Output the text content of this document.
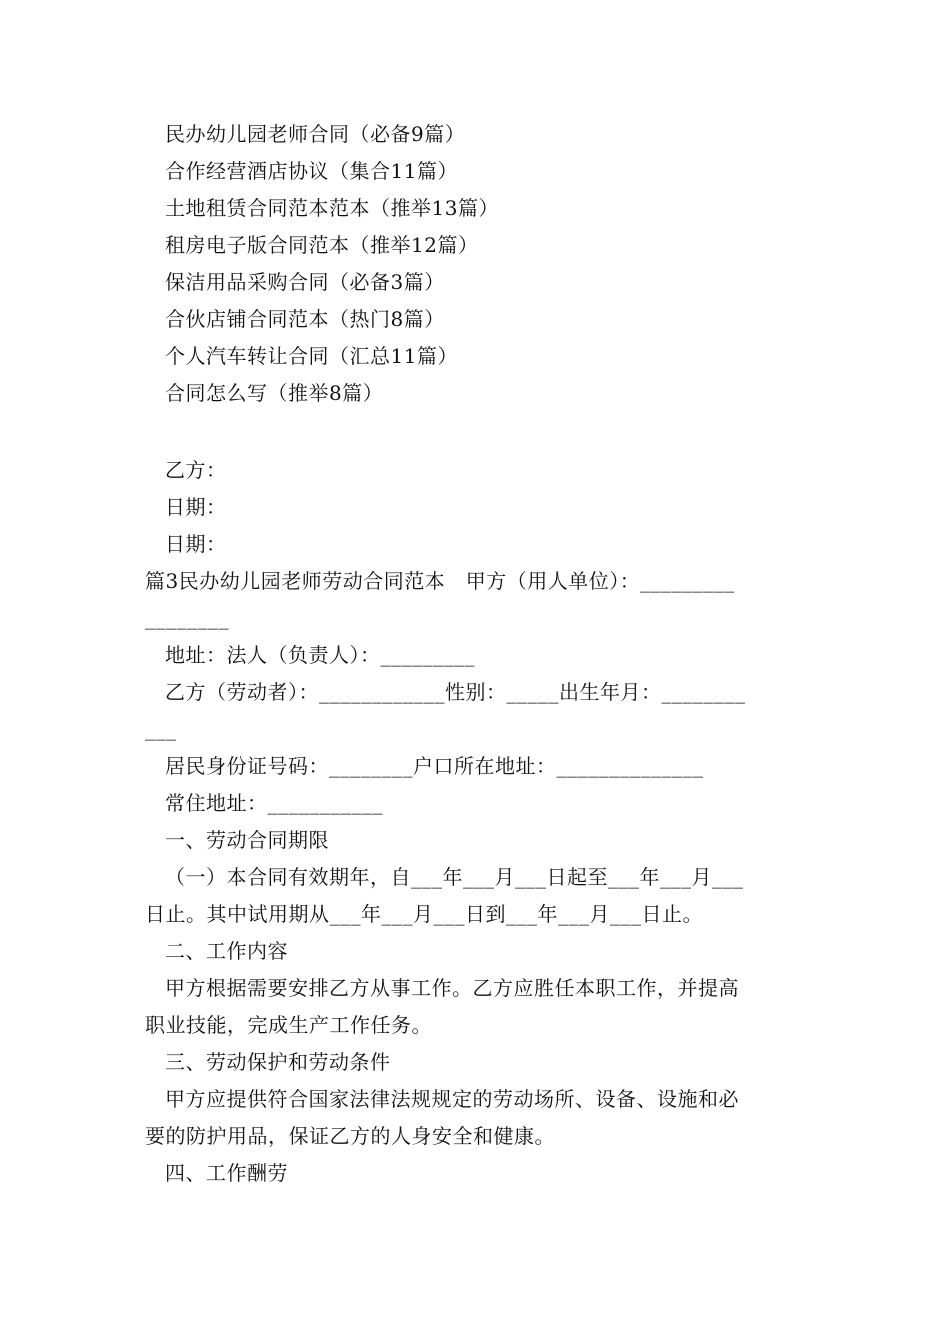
民办幼儿园老师合同（必备9篇）
合作经营酒店协议（集合11篇）
土地租赁合同范本范本（推举13篇）
租房电子版合同范本（推举12篇）
保洁用品采购合同（必备3篇）
合伙店铺合同范本（热门8篇）
个人汽车转让合同（汇总11篇）
合同怎么写（推举8篇）
乙方：
日期：
日期：
篇3民办幼儿园老师劳动合同范本　甲方（用人单位）：_________
________
地址：法人（负责人）：_________
乙方（劳动者）：____________性别：_____出生年月：________
___
居民身份证号码：________户口所在地址：______________
常住地址：___________
一、劳动合同期限
（一）本合同有效期年，自___年___月___日起至___年___月___
日止。其中试用期从___年___月___日到___年___月___日止。
二、工作内容
甲方根据需要安排乙方从事工作。乙方应胜任本职工作，并提高
职业技能，完成生产工作任务。
三、劳动保护和劳动条件
甲方应提供符合国家法律法规规定的劳动场所、设备、设施和必
要的防护用品，保证乙方的人身安全和健康。
四、工作酬劳
